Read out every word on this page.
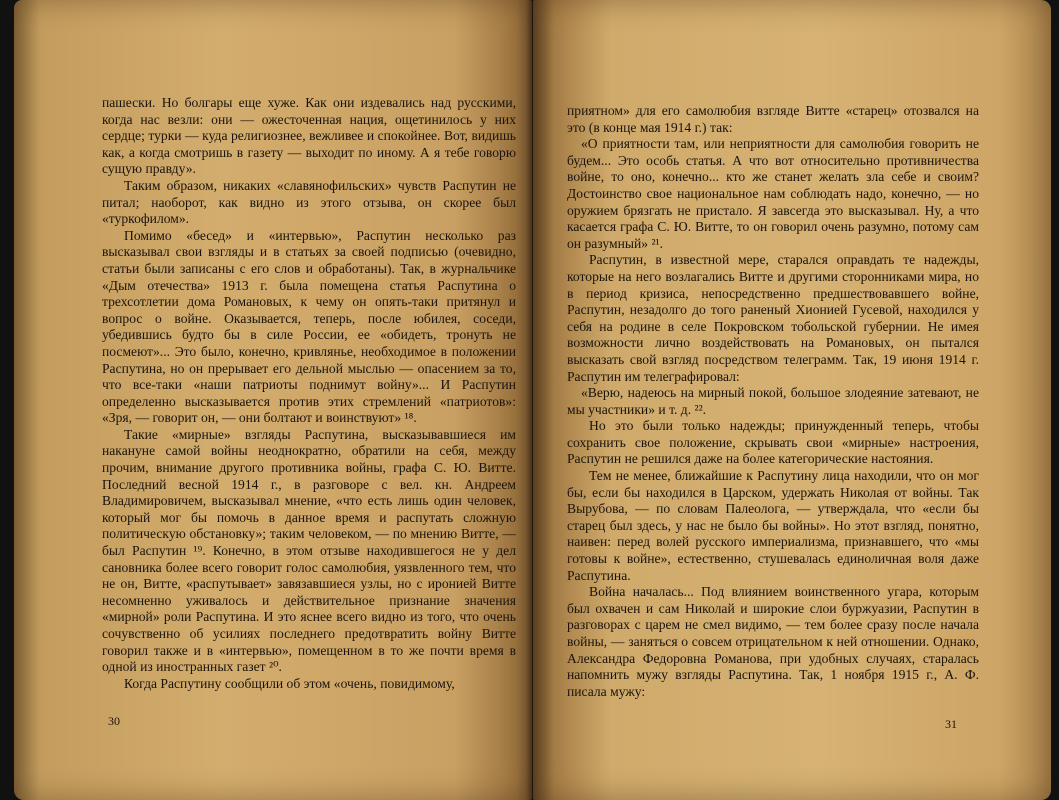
пашески. Но болгары еще хуже. Как они издевались над русскими, когда нас везли: они — ожесточенная нация, ощетинилось у них сердце; турки — куда религиознее, вежливее и спокойнее. Вот, видишь как, а когда смотришь в газету — выходит по иному. А я тебе говорю сущую правду».

Таким образом, никаких «славянофильских» чувств Распутин не питал; наоборот, как видно из этого отзыва, он скорее был «туркофилом».

Помимо «бесед» и «интервью», Распутин несколько раз высказывал свои взгляды и в статьях за своей подписью (очевидно, статьи были записаны с его слов и обработаны). Так, в журнальчике «Дым отечества» 1913 г. была помещена статья Распутина о трехсотлетии дома Романовых, к чему он опять-таки притянул и вопрос о войне. Оказывается, теперь, после юбилея, соседи, убедившись будто бы в силе России, ее «обидеть, тронуть не посмеют»... Это было, конечно, кривлянье, необходимое в положении Распутина, но он прерывает его дельной мыслью — опасением за то, что все-таки «наши патриоты поднимут войну»... И Распутин определенно высказывается против этих стремлений «патриотов»: «Зря, — говорит он, — они болтают и воинствуют» ¹⁸.

Такие «мирные» взгляды Распутина, высказывавшиеся им накануне самой войны неоднократно, обратили на себя, между прочим, внимание другого противника войны, графа С. Ю. Витте. Последний весной 1914 г., в разговоре с вел. кн. Андреем Владимировичем, высказывал мнение, «что есть лишь один человек, который мог бы помочь в данное время и распутать сложную политическую обстановку»; таким человеком, — по мнению Витте, — был Распутин ¹⁹. Конечно, в этом отзыве находившегося не у дел сановника более всего говорит голос самолюбия, уязвленного тем, что не он, Витте, «распутывает» завязавшиеся узлы, но с иронией Витте несомненно уживалось и действительное признание значения «мирной» роли Распутина. И это яснее всего видно из того, что очень сочувственно об усилиях последнего предотвратить войну Витте говорил также и в «интервью», помещенном в то же почти время в одной из иностранных газет ²⁰.

Когда Распутину сообщили об этом «очень, повидимому,

30

приятном» для его самолюбия взгляде Витте «старец» отозвался на это (в конце мая 1914 г.) так:

«О приятности там, или неприятности для самолюбия говорить не будем... Это особь статья. А что вот относительно противничества войне, то оно, конечно... кто же станет желать зла себе и своим? Достоинство свое национальное нам соблюдать надо, конечно, — но оружием брязгать не пристало. Я завсегда это высказывал. Ну, а что касается графа С. Ю. Витте, то он говорил очень разумно, потому сам он разумный» ²¹.

Распутин, в известной мере, старался оправдать те надежды, которые на него возлагались Витте и другими сторонниками мира, но в период кризиса, непосредственно предшествовавшего войне, Распутин, незадолго до того раненый Хионией Гусевой, находился у себя на родине в селе Покровском тобольской губернии. Не имея возможности лично воздействовать на Романовых, он пытался высказать свой взгляд посредством телеграмм. Так, 19 июня 1914 г. Распутин им телеграфировал:

«Верю, надеюсь на мирный покой, большое злодеяние затевают, не мы участники» и т. д. ²².

Но это были только надежды; принужденный теперь, чтобы сохранить свое положение, скрывать свои «мирные» настроения, Распутин не решился даже на более категорические настояния.

Тем не менее, ближайшие к Распутину лица находили, что он мог бы, если бы находился в Царском, удержать Николая от войны. Так Вырубова, — по словам Палеолога, — утверждала, что «если бы старец был здесь, у нас не было бы войны». Но этот взгляд, понятно, наивен: перед волей русского империализма, признавшего, что «мы готовы к войне», естественно, стушевалась единоличная воля даже Распутина.

Война началась... Под влиянием воинственного угара, которым был охвачен и сам Николай и широкие слои буржуазии, Распутин в разговорах с царем не смел видимо, — тем более сразу после начала войны, — заняться о совсем отрицательном к ней отношении. Однако, Александра Федоровна Романова, при удобных случаях, старалась напомнить мужу взгляды Распутина. Так, 1 ноября 1915 г., А. Ф. писала мужу:

31
